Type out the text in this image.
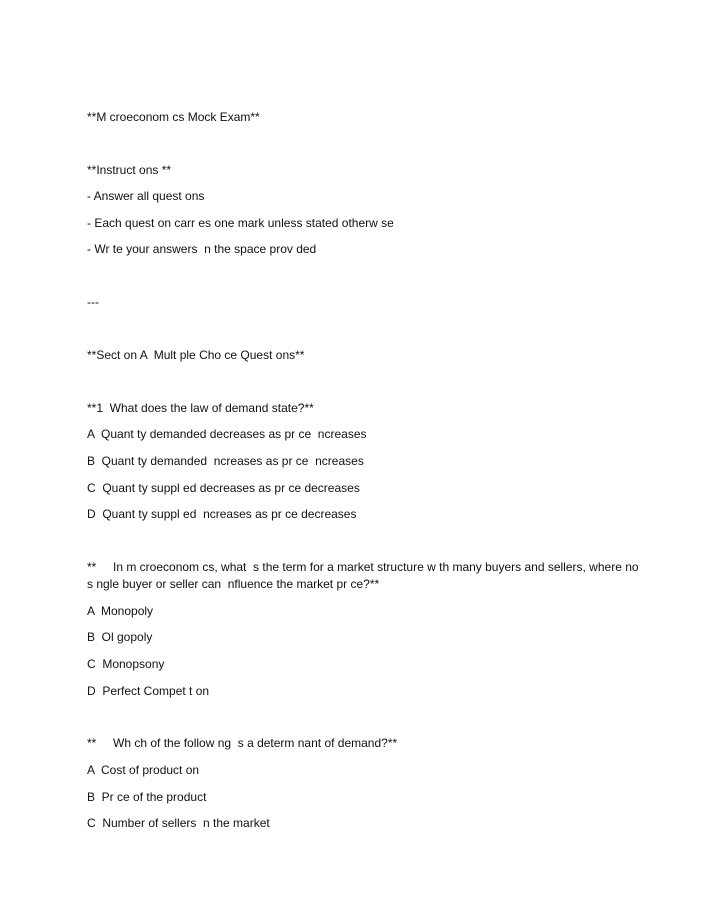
**M croeconom cs Mock Exam**
**Instruct ons **
- Answer all quest ons
- Each quest on carr es one mark unless stated otherw se
- Wr te your answers  n the space prov ded
---
**Sect on A  Mult ple Cho ce Quest ons**
**1  What does the law of demand state?**
A  Quant ty demanded decreases as pr ce  ncreases
B  Quant ty demanded  ncreases as pr ce  ncreases
C  Quant ty suppl ed decreases as pr ce decreases
D  Quant ty suppl ed  ncreases as pr ce decreases
**     In m croeconom cs, what  s the term for a market structure w th many buyers and sellers, where no
s ngle buyer or seller can  nfluence the market pr ce?**
A  Monopoly
B  Ol gopoly
C  Monopsony
D  Perfect Compet t on
**     Wh ch of the follow ng  s a determ nant of demand?**
A  Cost of product on
B  Pr ce of the product
C  Number of sellers  n the market
